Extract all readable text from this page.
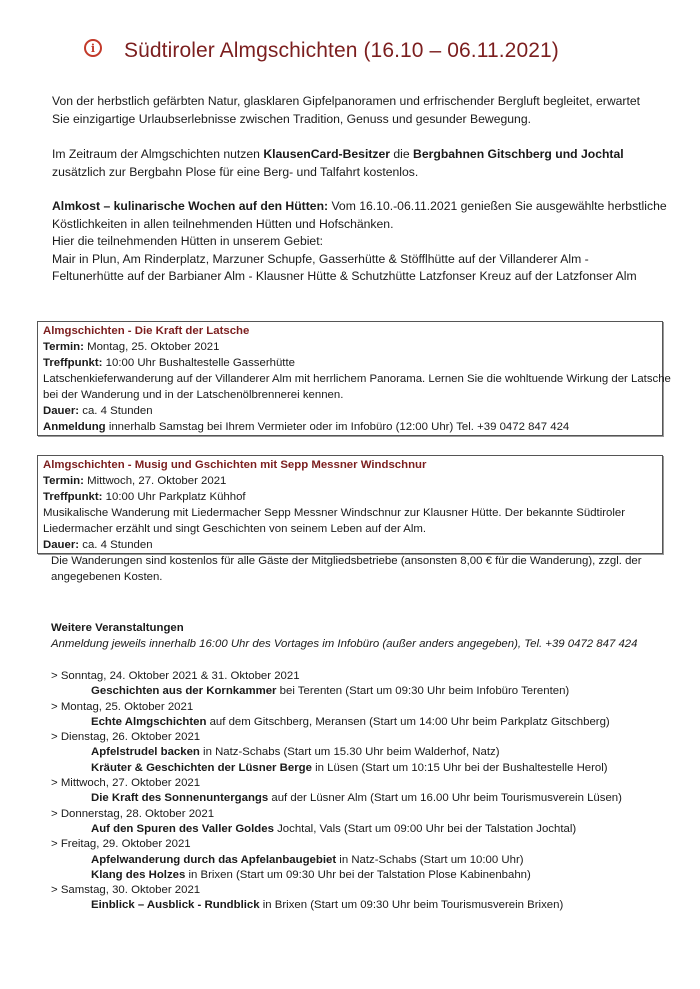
i Südtiroler Almgschichten (16.10 – 06.11.2021)
Von der herbstlich gefärbten Natur, glasklaren Gipfelpanoramen und erfrischender Bergluft begleitet, erwartet
Sie einzigartige Urlaubserlebnisse zwischen Tradition, Genuss und gesunder Bewegung.
Im Zeitraum der Almgschichten nutzen KlausenCard-Besitzer die Bergbahnen Gitschberg und Jochtal
zusätzlich zur Bergbahn Plose für eine Berg- und Talfahrt kostenlos.
Almkost – kulinarische Wochen auf den Hütten: Vom 16.10.-06.11.2021 genießen Sie ausgewählte herbstliche
Köstlichkeiten in allen teilnehmenden Hütten und Hofschänken.
Hier die teilnehmenden Hütten in unserem Gebiet:
Mair in Plun, Am Rinderplatz, Marzuner Schupfe, Gasserhütte & Stöfflhütte auf der Villanderer Alm -
Feltunerhütte auf der Barbianer Alm - Klausner Hütte & Schutzhütte Latzfonser Kreuz auf der Latzfonser Alm
Almgschichten - Die Kraft der Latsche
Termin: Montag, 25. Oktober 2021
Treffpunkt: 10:00 Uhr Bushaltestelle Gasserhütte
Latschenkieferwanderung auf der Villanderer Alm mit herrlichem Panorama. Lernen Sie die wohltuende Wirkung der Latsche
bei der Wanderung und in der Latschenölbrennerei kennen.
Dauer: ca. 4 Stunden
Anmeldung innerhalb Samstag bei Ihrem Vermieter oder im Infobüro (12:00 Uhr) Tel. +39 0472 847 424
Almgschichten - Musig und Gschichten mit Sepp Messner Windschnur
Termin: Mittwoch, 27. Oktober 2021
Treffpunkt: 10:00 Uhr Parkplatz Kühhof
Musikalische Wanderung mit Liedermacher Sepp Messner Windschnur zur Klausner Hütte. Der bekannte Südtiroler
Liedermacher erzählt und singt Geschichten von seinem Leben auf der Alm.
Dauer: ca. 4 Stunden
Die Wanderungen sind kostenlos für alle Gäste der Mitgliedsbetriebe (ansonsten 8,00 € für die Wanderung), zzgl. der
angegebenen Kosten.
Weitere Veranstaltungen
Anmeldung jeweils innerhalb 16:00 Uhr des Vortages im Infobüro (außer anders angegeben), Tel. +39 0472 847 424
> Sonntag, 24. Oktober 2021 & 31. Oktober 2021
Geschichten aus der Kornkammer bei Terenten (Start um 09:30 Uhr beim Infobüro Terenten)
> Montag, 25. Oktober 2021
Echte Almgschichten auf dem Gitschberg, Meransen (Start um 14:00 Uhr beim Parkplatz Gitschberg)
> Dienstag, 26. Oktober 2021
Apfelstrudel backen in Natz-Schabs (Start um 15.30 Uhr beim Walderhof, Natz)
Kräuter & Geschichten der Lüsner Berge in Lüsen (Start um 10:15 Uhr bei der Bushaltestelle Herol)
> Mittwoch, 27. Oktober 2021
Die Kraft des Sonnenuntergangs auf der Lüsner Alm (Start um 16.00 Uhr beim Tourismusverein Lüsen)
> Donnerstag, 28. Oktober 2021
Auf den Spuren des Valler Goldes Jochtal, Vals (Start um 09:00 Uhr bei der Talstation Jochtal)
> Freitag, 29. Oktober 2021
Apfelwanderung durch das Apfelanbaugebiet in Natz-Schabs (Start um 10:00 Uhr)
Klang des Holzes in Brixen (Start um 09:30 Uhr bei der Talstation Plose Kabinenbahn)
> Samstag, 30. Oktober 2021
Einblick – Ausblick - Rundblick in Brixen (Start um 09:30 Uhr beim Tourismusverein Brixen)
